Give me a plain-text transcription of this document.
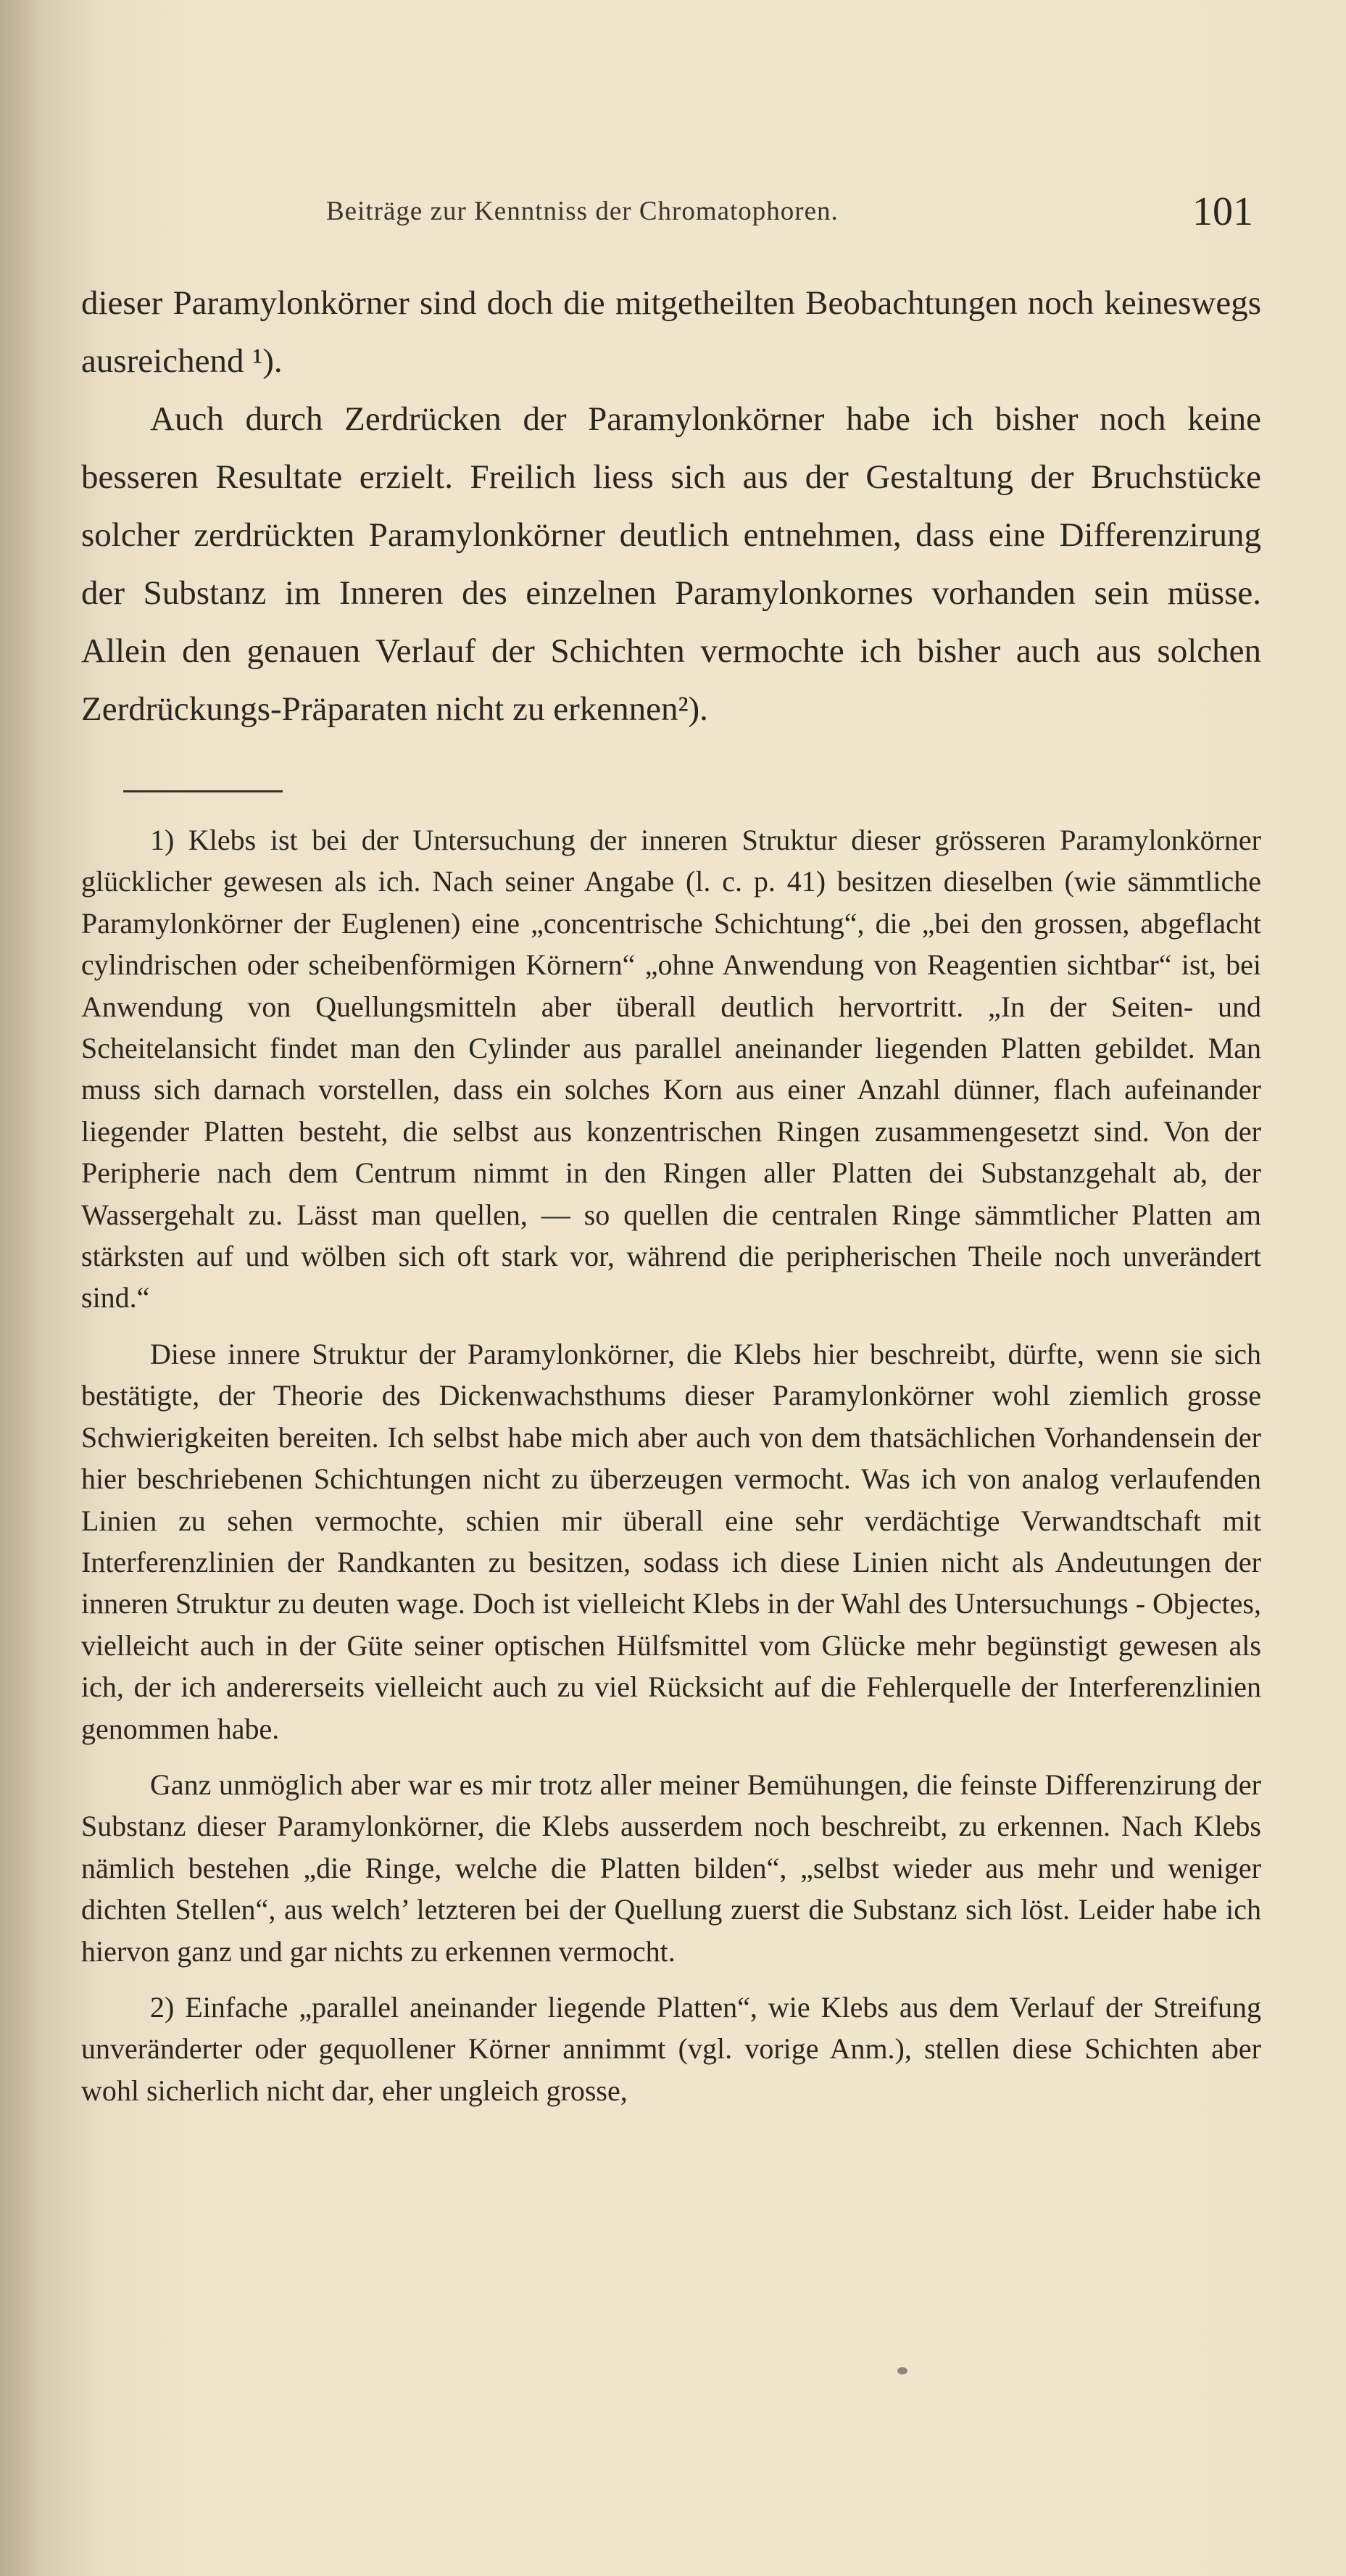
Beiträge zur Kenntniss der Chromatophoren.	101

dieser Paramylonkörner sind doch die mitgetheilten Beobachtungen noch keineswegs ausreichend ¹).

Auch durch Zerdrücken der Paramylonkörner habe ich bisher noch keine besseren Resultate erzielt. Freilich liess sich aus der Gestaltung der Bruchstücke solcher zerdrückten Paramylonkörner deutlich entnehmen, dass eine Differenzirung der Substanz im Inneren des einzelnen Paramylonkornes vorhanden sein müsse. Allein den genauen Verlauf der Schichten vermochte ich bisher auch aus solchen Zerdrückungs-Präparaten nicht zu erkennen²).

1) Klebs ist bei der Untersuchung der inneren Struktur dieser grösseren Paramylonkörner glücklicher gewesen als ich. Nach seiner Angabe (l. c. p. 41) besitzen dieselben (wie sämmtliche Paramylonkörner der Euglenen) eine „concentrische Schichtung“, die „bei den grossen, abgeflacht cylindrischen oder scheibenförmigen Körnern“ „ohne Anwendung von Reagentien sichtbar“ ist, bei Anwendung von Quellungsmitteln aber überall deutlich hervortritt. „In der Seiten- und Scheitelansicht findet man den Cylinder aus parallel aneinander liegenden Platten gebildet. Man muss sich darnach vorstellen, dass ein solches Korn aus einer Anzahl dünner, flach aufeinander liegender Platten besteht, die selbst aus konzentrischen Ringen zusammengesetzt sind. Von der Peripherie nach dem Centrum nimmt in den Ringen aller Platten dei Substanzgehalt ab, der Wassergehalt zu. Lässt man quellen, — so quellen die centralen Ringe sämmtlicher Platten am stärksten auf und wölben sich oft stark vor, während die peripherischen Theile noch unverändert sind.“

Diese innere Struktur der Paramylonkörner, die Klebs hier beschreibt, dürfte, wenn sie sich bestätigte, der Theorie des Dickenwachsthums dieser Paramylonkörner wohl ziemlich grosse Schwierigkeiten bereiten. Ich selbst habe mich aber auch von dem thatsächlichen Vorhandensein der hier beschriebenen Schichtungen nicht zu überzeugen vermocht. Was ich von analog verlaufenden Linien zu sehen vermochte, schien mir überall eine sehr verdächtige Verwandtschaft mit Interferenzlinien der Randkanten zu besitzen, sodass ich diese Linien nicht als Andeutungen der inneren Struktur zu deuten wage. Doch ist vielleicht Klebs in der Wahl des Untersuchungs - Objectes, vielleicht auch in der Güte seiner optischen Hülfsmittel vom Glücke mehr begünstigt gewesen als ich, der ich andererseits vielleicht auch zu viel Rücksicht auf die Fehlerquelle der Interferenzlinien genommen habe.

Ganz unmöglich aber war es mir trotz aller meiner Bemühungen, die feinste Differenzirung der Substanz dieser Paramylonkörner, die Klebs ausserdem noch beschreibt, zu erkennen. Nach Klebs nämlich bestehen „die Ringe, welche die Platten bilden“, „selbst wieder aus mehr und weniger dichten Stellen“, aus welch’ letzteren bei der Quellung zuerst die Substanz sich löst. Leider habe ich hiervon ganz und gar nichts zu erkennen vermocht.

2) Einfache „parallel aneinander liegende Platten“, wie Klebs aus dem Verlauf der Streifung unveränderter oder gequollener Körner annimmt (vgl. vorige Anm.), stellen diese Schichten aber wohl sicherlich nicht dar, eher ungleich grosse,
